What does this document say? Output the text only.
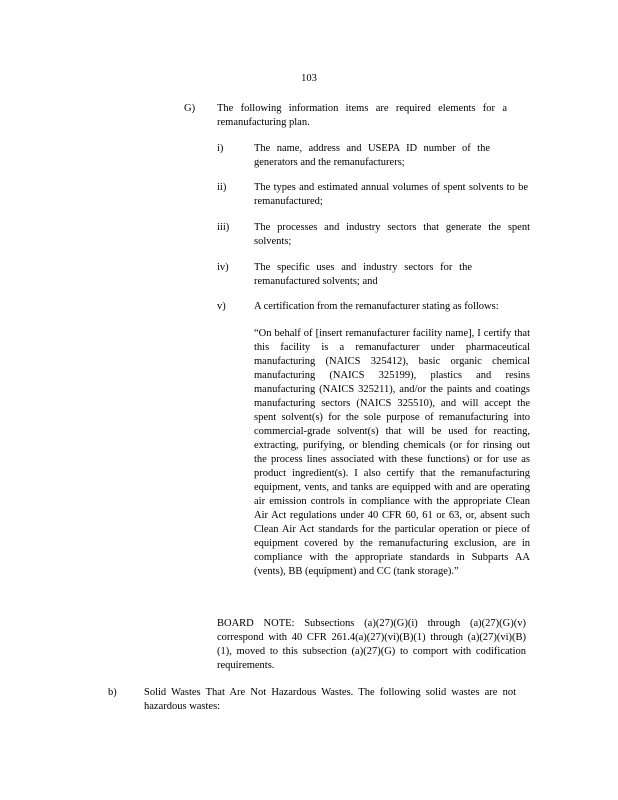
103
G) The following information items are required elements for a remanufacturing plan.
i)	The name, address and USEPA ID number of the generators and the remanufacturers;
ii)	The types and estimated annual volumes of spent solvents to be remanufactured;
iii) The processes and industry sectors that generate the spent solvents;
iv) The specific uses and industry sectors for the remanufactured solvents; and
v)	A certification from the remanufacturer stating as follows:
“On behalf of [insert remanufacturer facility name], I certify that this facility is a remanufacturer under pharmaceutical manufacturing (NAICS 325412), basic organic chemical manufacturing (NAICS 325199), plastics and resins manufacturing (NAICS 325211), and/or the paints and coatings manufacturing sectors (NAICS 325510), and will accept the spent solvent(s) for the sole purpose of remanufacturing into commercial-grade solvent(s) that will be used for reacting, extracting, purifying, or blending chemicals (or for rinsing out the process lines associated with these functions) or for use as product ingredient(s). I also certify that the remanufacturing equipment, vents, and tanks are equipped with and are operating air emission controls in compliance with the appropriate Clean Air Act regulations under 40 CFR 60, 61 or 63, or, absent such Clean Air Act standards for the particular operation or piece of equipment covered by the remanufacturing exclusion, are in compliance with the appropriate standards in Subparts AA (vents), BB (equipment) and CC (tank storage).”
BOARD NOTE: Subsections (a)(27)(G)(i) through (a)(27)(G)(v) correspond with 40 CFR 261.4(a)(27)(vi)(B)(1) through (a)(27)(vi)(B)(1), moved to this subsection (a)(27)(G) to comport with codification requirements.
b)	Solid Wastes That Are Not Hazardous Wastes. The following solid wastes are not hazardous wastes:
